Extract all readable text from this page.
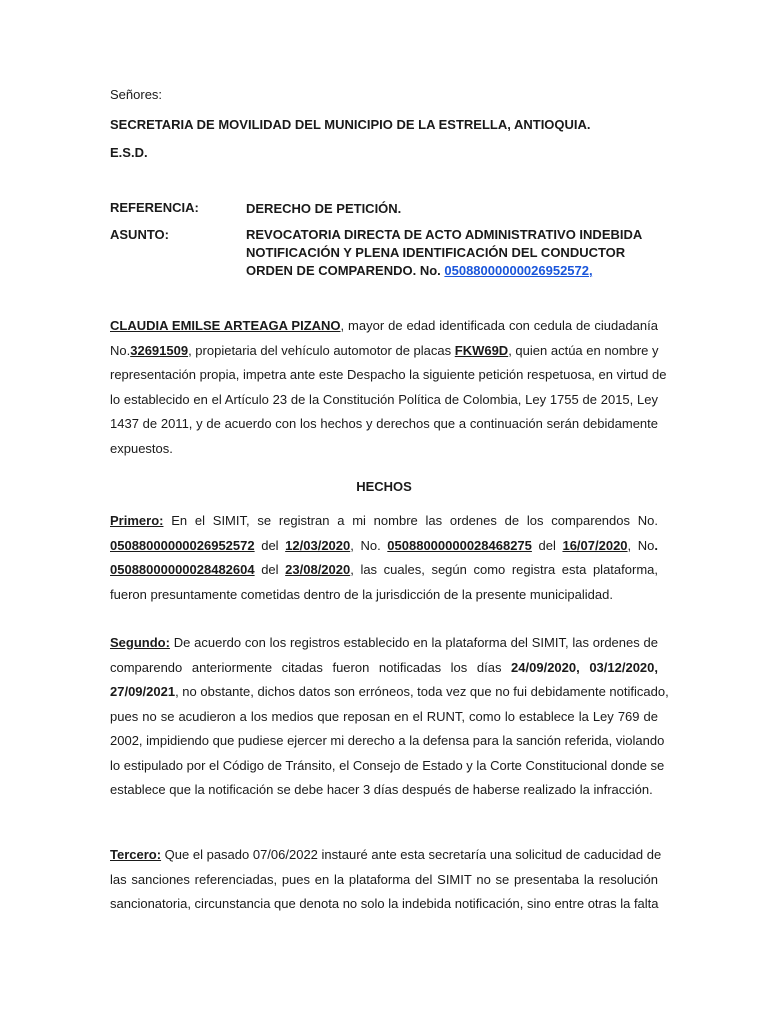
Señores:
SECRETARIA DE MOVILIDAD DEL MUNICIPIO DE LA ESTRELLA, ANTIOQUIA.
E.S.D.
REFERENCIA:	DERECHO DE PETICIÓN.
ASUNTO:	REVOCATORIA DIRECTA DE ACTO ADMINISTRATIVO INDEBIDA
NOTIFICACIÓN Y PLENA IDENTIFICACIÓN DEL CONDUCTOR
ORDEN DE COMPARENDO. No. 05088000000026952572,
CLAUDIA EMILSE ARTEAGA PIZANO, mayor de edad identificada con cedula de ciudadanía
No.32691509, propietaria del vehículo automotor de placas FKW69D, quien actúa en nombre y
representación propia, impetra ante este Despacho la siguiente petición respetuosa, en virtud de
lo establecido en el Artículo 23 de la Constitución Política de Colombia, Ley 1755 de 2015, Ley
1437 de 2011, y de acuerdo con los hechos y derechos que a continuación serán debidamente
expuestos.
HECHOS
Primero: En el SIMIT, se registran a mi nombre las ordenes de los comparendos No.
05088000000026952572 del 12/03/2020, No. 05088000000028468275 del 16/07/2020, No.
05088000000028482604 del 23/08/2020, las cuales, según como registra esta plataforma,
fueron presuntamente cometidas dentro de la jurisdicción de la presente municipalidad.
Segundo: De acuerdo con los registros establecido en la plataforma del SIMIT, las ordenes de
comparendo anteriormente citadas fueron notificadas los días 24/09/2020, 03/12/2020,
27/09/2021, no obstante, dichos datos son erróneos, toda vez que no fui debidamente notificado,
pues no se acudieron a los medios que reposan en el RUNT, como lo establece la Ley 769 de
2002, impidiendo que pudiese ejercer mi derecho a la defensa para la sanción referida, violando
lo estipulado por el Código de Tránsito, el Consejo de Estado y la Corte Constitucional donde se
establece que la notificación se debe hacer 3 días después de haberse realizado la infracción.
Tercero: Que el pasado 07/06/2022 instauré ante esta secretaría una solicitud de caducidad de
las sanciones referenciadas, pues en la plataforma del SIMIT no se presentaba la resolución
sancionatoria, circunstancia que denota no solo la indebida notificación, sino entre otras la falta
